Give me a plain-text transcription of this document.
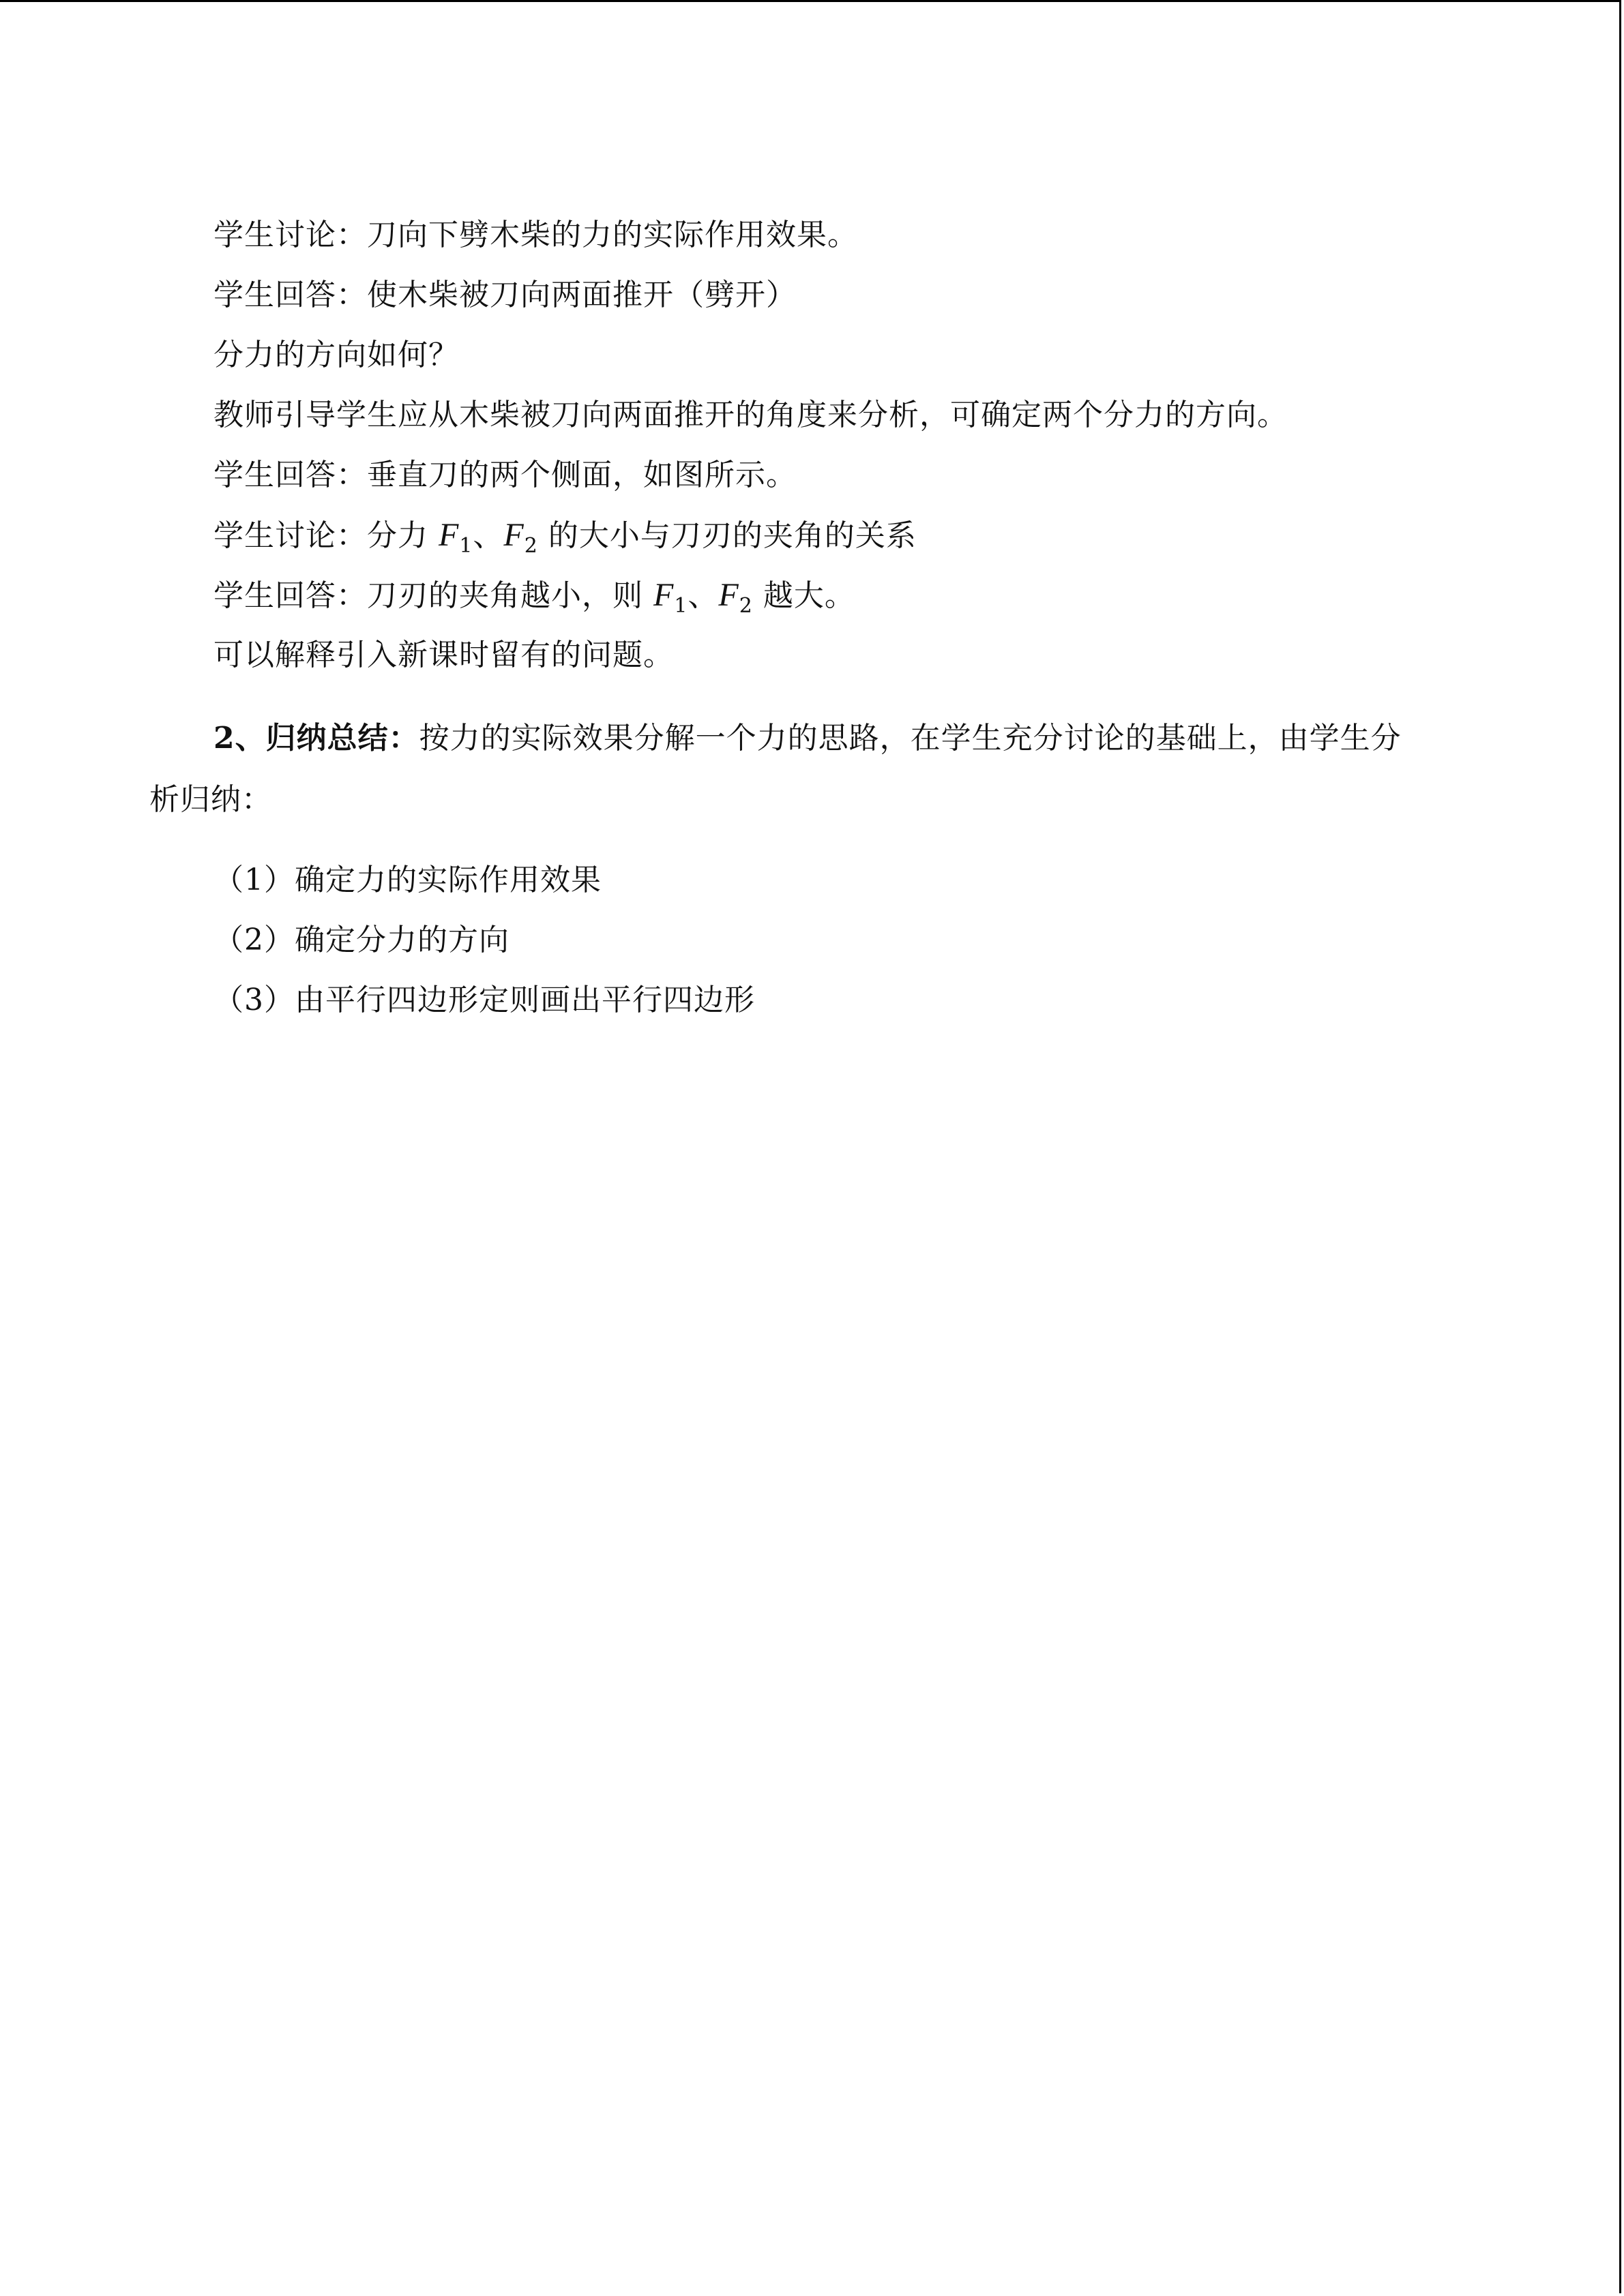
学生讨论：刀向下劈木柴的力的实际作用效果。
学生回答：使木柴被刀向两面推开（劈开）
分力的方向如何？
教师引导学生应从木柴被刀向两面推开的角度来分析，可确定两个分力的方向。
学生回答：垂直刀的两个侧面，如图所示。
学生讨论：分力 $F_1$、$F_2$ 的大小与刀刃的夹角的关系
学生回答：刀刃的夹角越小，则 $F_1$、$F_2$ 越大。
可以解释引入新课时留有的问题。
2、归纳总结：按力的实际效果分解一个力的思路，在学生充分讨论的基础上，由学生分
析归纳：
（1）确定力的实际作用效果
（2）确定分力的方向
（3）由平行四边形定则画出平行四边形
